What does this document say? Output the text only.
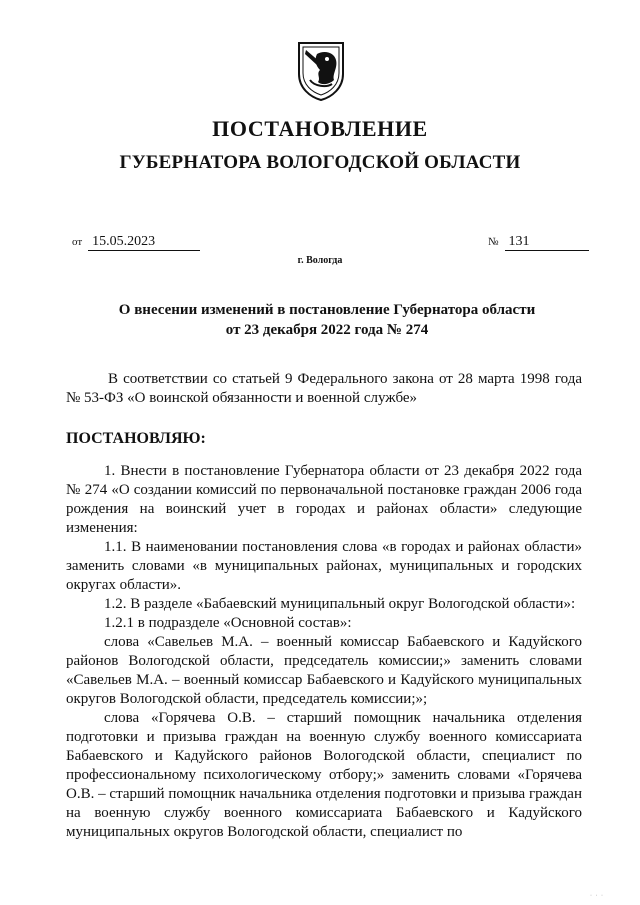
ПОСТАНОВЛЕНИЕ
ГУБЕРНАТОРА ВОЛОГОДСКОЙ ОБЛАСТИ
от 15.05.2023	№ 131
г. Вологда
О внесении изменений в постановление Губернатора области
от 23 декабря 2022 года № 274
В соответствии со статьей 9 Федерального закона от 28 марта 1998 года № 53-ФЗ «О воинской обязанности и военной службе»
ПОСТАНОВЛЯЮ:

1. Внести в постановление Губернатора области от 23 декабря 2022 года № 274 «О создании комиссий по первоначальной постановке граждан 2006 года рождения на воинский учет в городах и районах области» следующие изменения:

1.1. В наименовании постановления слова «в городах и районах области» заменить словами «в муниципальных районах, муниципальных и городских округах области».

1.2. В разделе «Бабаевский муниципальный округ Вологодской области»:

1.2.1 в подразделе «Основной состав»:

слова «Савельев М.А. – военный комиссар Бабаевского и Кадуйского районов Вологодской области, председатель комиссии;» заменить словами «Савельев М.А. – военный комиссар Бабаевского и Кадуйского муниципальных округов Вологодской области, председатель комиссии;»;

слова «Горячева О.В. – старший помощник начальника отделения подготовки и призыва граждан на военную службу военного комиссариата Бабаевского и Кадуйского районов Вологодской области, специалист по профессиональному психологическому отбору;» заменить словами «Горячева О.В. – старший помощник начальника отделения подготовки и призыва граждан на военную службу военного комиссариата Бабаевского и Кадуйского муниципальных округов Вологодской области, специалист по

· · ·
